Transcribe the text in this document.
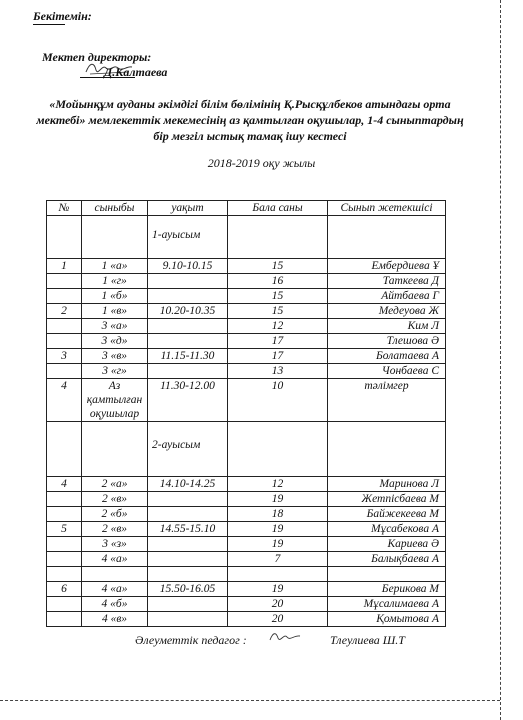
Бекітемін:
Мектеп директоры:
Д.Калтаева
«Мойынқұм ауданы әкімдігі білім бөлімінің Қ.Рысқұлбеков атындағы орта
мектебі» мемлекеттік мекемесінің аз қамтылған оқушылар, 1-4 сыныптардың
бір мезгіл ыстық тамақ ішу кестесі
2018-2019 оқу жылы
№	сыныбы	уақыт	Бала саны	Сынып жетекшісі
		1-ауысым		
1	1 «а»	9.10-10.15	15	Ембердиева Ұ
	1 «г»		16	Таткеева Д
	1 «б»		15	Айтбаева Г
2	1 «в»	10.20-10.35	15	Медеуова Ж
	3 «а»		12	Ким Л
	3 «д»		17	Тлешова Ә
3	3 «в»	11.15-11.30	17	Болатаева А
	3 «г»		13	Чонбаева С
4	Аз қамтылған оқушылар	11.30-12.00	10	тәлімгер
		2-ауысым		
4	2 «а»	14.10-14.25	12	Маринова Л
	2 «в»		19	Жетпісбаева М
	2 «б»		18	Байжекеева М
5	2 «в»	14.55-15.10	19	Мұсабекова А
	3 «з»		19	Кариева Ә
	4 «а»		7	Балықбаева А

6	4 «а»	15.50-16.05	19	Берикова М
	4 «б»		20	Мұсалимаева А
	4 «в»		20	Қомытова А
Әлеуметтік педагог :	Тлеулиева Ш.Т
